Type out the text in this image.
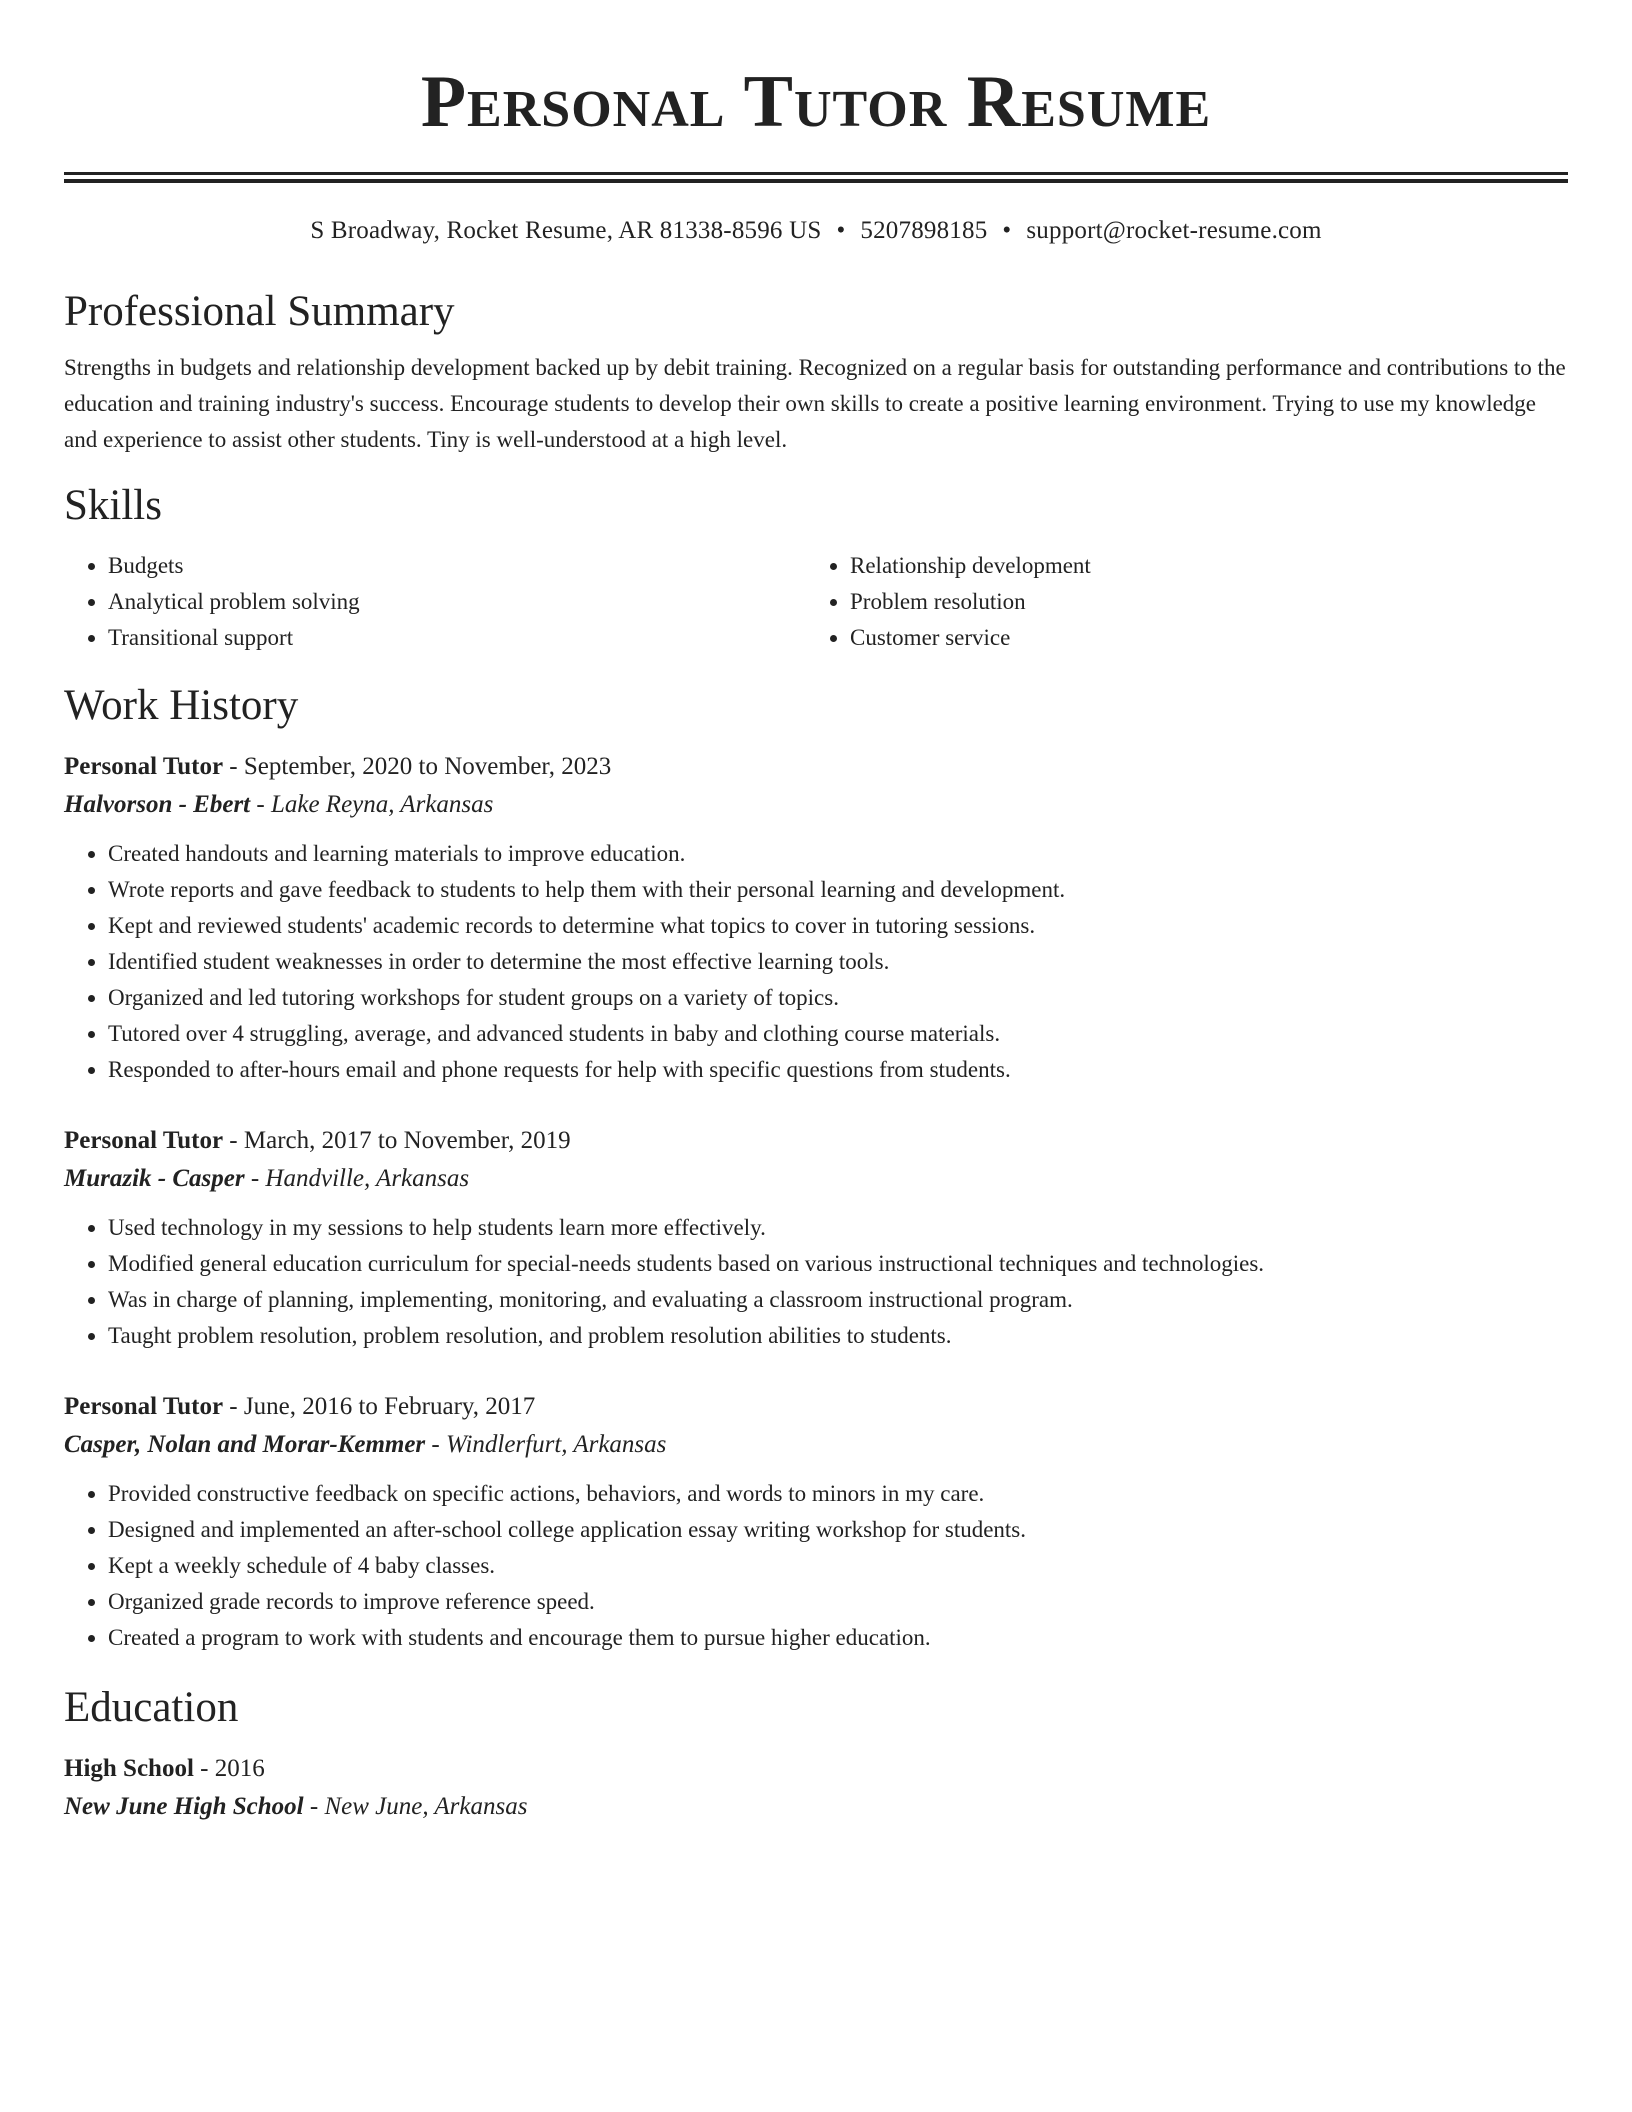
Personal Tutor Resume
S Broadway, Rocket Resume, AR 81338-8596 US • 5207898185 • support@rocket-resume.com
Professional Summary
Strengths in budgets and relationship development backed up by debit training. Recognized on a regular basis for outstanding performance and contributions to the education and training industry's success. Encourage students to develop their own skills to create a positive learning environment. Trying to use my knowledge and experience to assist other students. Tiny is well-understood at a high level.
Skills
• Budgets
• Analytical problem solving
• Transitional support
• Relationship development
• Problem resolution
• Customer service
Work History
Personal Tutor - September, 2020 to November, 2023
Halvorson - Ebert - Lake Reyna, Arkansas
• Created handouts and learning materials to improve education.
• Wrote reports and gave feedback to students to help them with their personal learning and development.
• Kept and reviewed students' academic records to determine what topics to cover in tutoring sessions.
• Identified student weaknesses in order to determine the most effective learning tools.
• Organized and led tutoring workshops for student groups on a variety of topics.
• Tutored over 4 struggling, average, and advanced students in baby and clothing course materials.
• Responded to after-hours email and phone requests for help with specific questions from students.
Personal Tutor - March, 2017 to November, 2019
Murazik - Casper - Handville, Arkansas
• Used technology in my sessions to help students learn more effectively.
• Modified general education curriculum for special-needs students based on various instructional techniques and technologies.
• Was in charge of planning, implementing, monitoring, and evaluating a classroom instructional program.
• Taught problem resolution, problem resolution, and problem resolution abilities to students.
Personal Tutor - June, 2016 to February, 2017
Casper, Nolan and Morar-Kemmer - Windlerfurt, Arkansas
• Provided constructive feedback on specific actions, behaviors, and words to minors in my care.
• Designed and implemented an after-school college application essay writing workshop for students.
• Kept a weekly schedule of 4 baby classes.
• Organized grade records to improve reference speed.
• Created a program to work with students and encourage them to pursue higher education.
Education
High School - 2016
New June High School - New June, Arkansas
